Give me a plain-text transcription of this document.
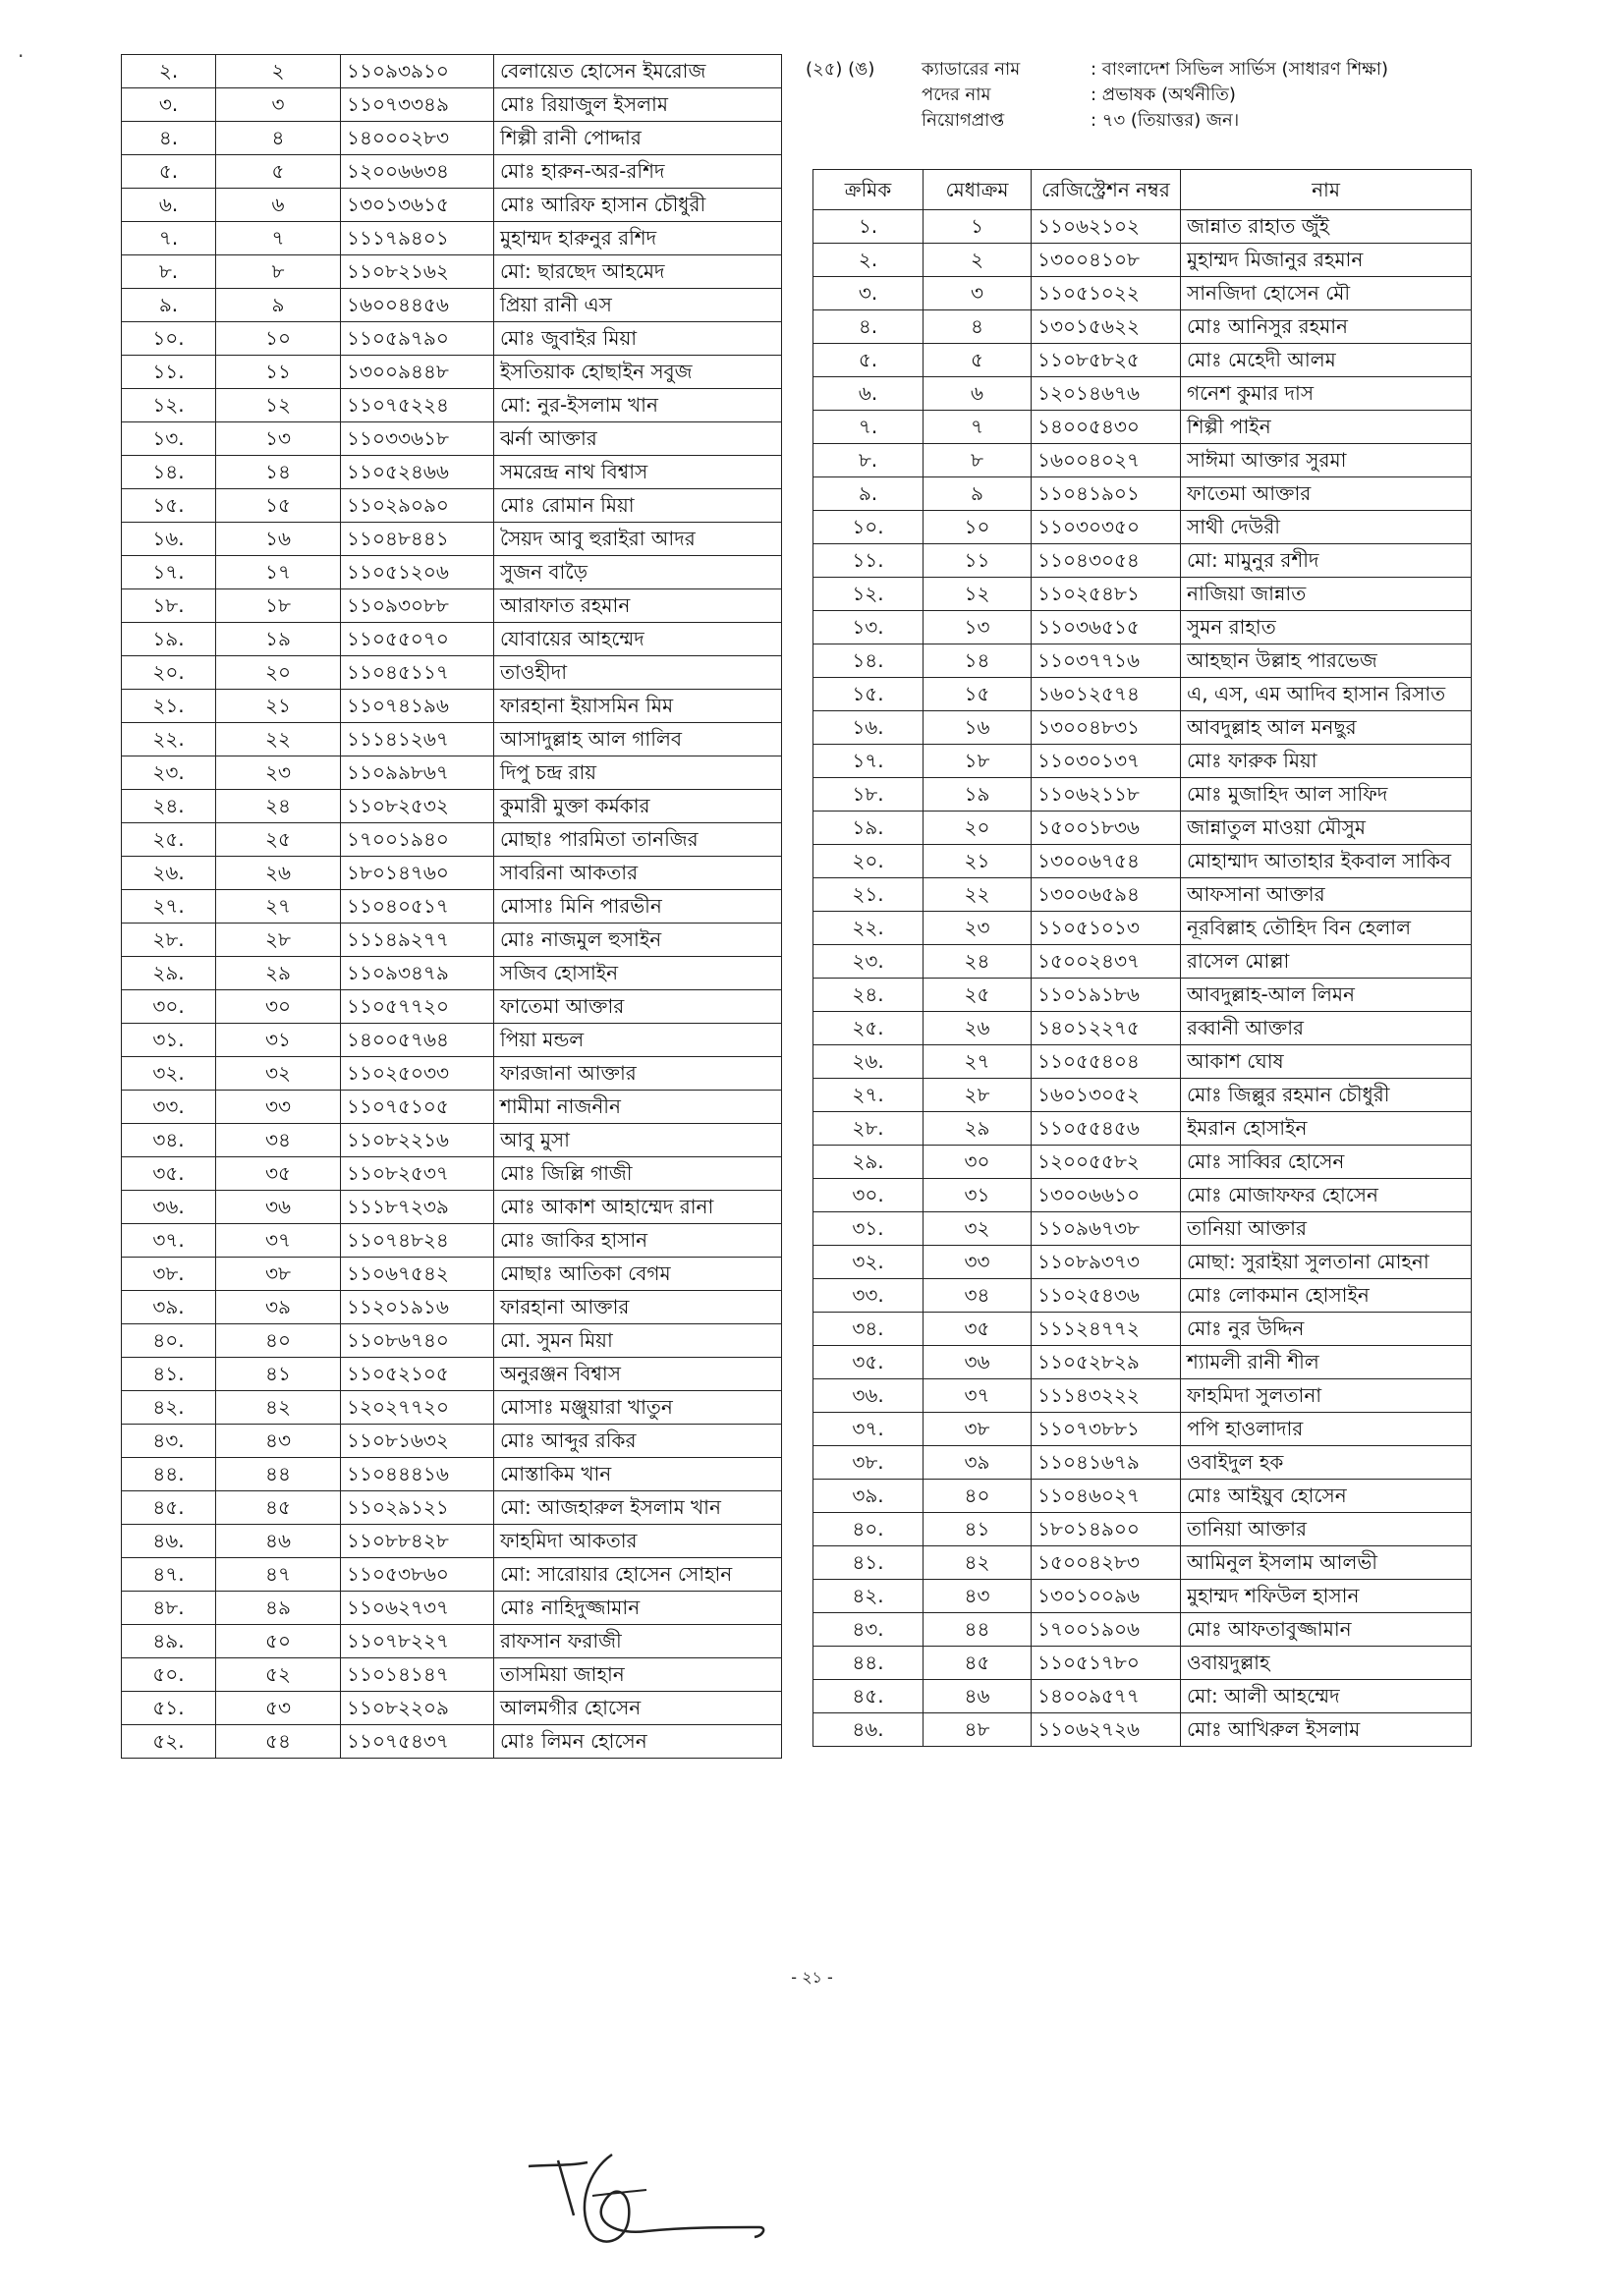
·
২.	২	১১০৯৩৯১০	বেলায়েত হোসেন ইমরোজ
৩.	৩	১১০৭৩৩৪৯	মোঃ রিয়াজুল ইসলাম
৪.	৪	১৪০০০২৮৩	শিল্পী রানী পোদ্দার
৫.	৫	১২০০৬৬৩৪	মোঃ হারুন-অর-রশিদ
৬.	৬	১৩০১৩৬১৫	মোঃ আরিফ হাসান চৌধুরী
৭.	৭	১১১৭৯৪০১	মুহাম্মদ হারুনুর রশিদ
৮.	৮	১১০৮২১৬২	মো: ছারছেদ আহমেদ
৯.	৯	১৬০০৪৪৫৬	প্রিয়া রানী এস
১০.	১০	১১০৫৯৭৯০	মোঃ জুবাইর মিয়া
১১.	১১	১৩০০৯৪৪৮	ইসতিয়াক হোছাইন সবুজ
১২.	১২	১১০৭৫২২৪	মো: নুর-ইসলাম খান
১৩.	১৩	১১০৩৩৬১৮	ঝর্না আক্তার
১৪.	১৪	১১০৫২৪৬৬	সমরেন্দ্র নাথ বিশ্বাস
১৫.	১৫	১১০২৯০৯০	মোঃ রোমান মিয়া
১৬.	১৬	১১০৪৮৪৪১	সৈয়দ আবু হুরাইরা আদর
১৭.	১৭	১১০৫১২০৬	সুজন বাড়ৈ
১৮.	১৮	১১০৯৩০৮৮	আরাফাত রহমান
১৯.	১৯	১১০৫৫০৭০	যোবায়ের আহম্মেদ
২০.	২০	১১০৪৫১১৭	তাওহীদা
২১.	২১	১১০৭৪১৯৬	ফারহানা ইয়াসমিন মিম
২২.	২২	১১১৪১২৬৭	আসাদুল্লাহ আল গালিব
২৩.	২৩	১১০৯৯৮৬৭	দিপু চন্দ্র রায়
২৪.	২৪	১১০৮২৫৩২	কুমারী মুক্তা কর্মকার
২৫.	২৫	১৭০০১৯৪০	মোছাঃ পারমিতা তানজির
২৬.	২৬	১৮০১৪৭৬০	সাবরিনা আকতার
২৭.	২৭	১১০৪০৫১৭	মোসাঃ মিনি পারভীন
২৮.	২৮	১১১৪৯২৭৭	মোঃ নাজমুল হুসাইন
২৯.	২৯	১১০৯৩৪৭৯	সজিব হোসাইন
৩০.	৩০	১১০৫৭৭২০	ফাতেমা আক্তার
৩১.	৩১	১৪০০৫৭৬৪	পিয়া মন্ডল
৩২.	৩২	১১০২৫০৩৩	ফারজানা আক্তার
৩৩.	৩৩	১১০৭৫১০৫	শামীমা নাজনীন
৩৪.	৩৪	১১০৮২২১৬	আবু মুসা
৩৫.	৩৫	১১০৮২৫৩৭	মোঃ জিল্লি গাজী
৩৬.	৩৬	১১১৮৭২৩৯	মোঃ আকাশ আহাম্মেদ রানা
৩৭.	৩৭	১১০৭৪৮২৪	মোঃ জাকির হাসান
৩৮.	৩৮	১১০৬৭৫৪২	মোছাঃ আতিকা বেগম
৩৯.	৩৯	১১২০১৯১৬	ফারহানা আক্তার
৪০.	৪০	১১০৮৬৭৪০	মো. সুমন মিয়া
৪১.	৪১	১১০৫২১০৫	অনুরঞ্জন বিশ্বাস
৪২.	৪২	১২০২৭৭২০	মোসাঃ মঞ্জুয়ারা খাতুন
৪৩.	৪৩	১১০৮১৬৩২	মোঃ আব্দুর রকির
৪৪.	৪৪	১১০৪৪৪১৬	মোস্তাকিম খান
৪৫.	৪৫	১১০২৯১২১	মো: আজহারুল ইসলাম খান
৪৬.	৪৬	১১০৮৮৪২৮	ফাহমিদা আকতার
৪৭.	৪৭	১১০৫৩৮৬০	মো: সারোয়ার হোসেন সোহান
৪৮.	৪৯	১১০৬২৭৩৭	মোঃ নাহিদুজ্জামান
৪৯.	৫০	১১০৭৮২২৭	রাফসান ফরাজী
৫০.	৫২	১১০১৪১৪৭	তাসমিয়া জাহান
৫১.	৫৩	১১০৮২২০৯	আলমগীর হোসেন
৫২.	৫৪	১১০৭৫৪৩৭	মোঃ লিমন হোসেন
(২৫) (ঙ)	ক্যাডারের নাম	: বাংলাদেশ সিভিল সার্ভিস (সাধারণ শিক্ষা)
পদের নাম	: প্রভাষক (অর্থনীতি)
নিয়োগপ্রাপ্ত	: ৭৩ (তিয়াত্তর) জন।
ক্রমিক	মেধাক্রম	রেজিস্ট্রেশন নম্বর	নাম
১.	১	১১০৬২১০২	জান্নাত রাহাত জুঁই
২.	২	১৩০০৪১০৮	মুহাম্মদ মিজানুর রহমান
৩.	৩	১১০৫১০২২	সানজিদা হোসেন মৌ
৪.	৪	১৩০১৫৬২২	মোঃ আনিসুর রহমান
৫.	৫	১১০৮৫৮২৫	মোঃ মেহেদী আলম
৬.	৬	১২০১৪৬৭৬	গনেশ কুমার দাস
৭.	৭	১৪০০৫৪৩০	শিল্পী পাইন
৮.	৮	১৬০০৪০২৭	সাঈমা আক্তার সুরমা
৯.	৯	১১০৪১৯০১	ফাতেমা আক্তার
১০.	১০	১১০৩০৩৫০	সাথী দেউরী
১১.	১১	১১০৪৩০৫৪	মো: মামুনুর রশীদ
১২.	১২	১১০২৫৪৮১	নাজিয়া জান্নাত
১৩.	১৩	১১০৩৬৫১৫	সুমন রাহাত
১৪.	১৪	১১০৩৭৭১৬	আহছান উল্লাহ পারভেজ
১৫.	১৫	১৬০১২৫৭৪	এ, এস, এম আদিব হাসান রিসাত
১৬.	১৬	১৩০০৪৮৩১	আবদুল্লাহ আল মনছুর
১৭.	১৮	১১০৩০১৩৭	মোঃ ফারুক মিয়া
১৮.	১৯	১১০৬২১১৮	মোঃ মুজাহিদ আল সাফিদ
১৯.	২০	১৫০০১৮৩৬	জান্নাতুল মাওয়া মৌসুম
২০.	২১	১৩০০৬৭৫৪	মোহাম্মাদ আতাহার ইকবাল সাকিব
২১.	২২	১৩০০৬৫৯৪	আফসানা আক্তার
২২.	২৩	১১০৫১০১৩	নূরবিল্লাহ তৌহিদ বিন হেলাল
২৩.	২৪	১৫০০২৪৩৭	রাসেল মোল্লা
২৪.	২৫	১১০১৯১৮৬	আবদুল্লাহ-আল লিমন
২৫.	২৬	১৪০১২২৭৫	রব্বানী আক্তার
২৬.	২৭	১১০৫৫৪০৪	আকাশ ঘোষ
২৭.	২৮	১৬০১৩০৫২	মোঃ জিল্লুর রহমান চৌধুরী
২৮.	২৯	১১০৫৫৪৫৬	ইমরান হোসাইন
২৯.	৩০	১২০০৫৫৮২	মোঃ সাব্বির হোসেন
৩০.	৩১	১৩০০৬৬১০	মোঃ মোজাফফর হোসেন
৩১.	৩২	১১০৯৬৭৩৮	তানিয়া আক্তার
৩২.	৩৩	১১০৮৯৩৭৩	মোছা: সুরাইয়া সুলতানা মোহনা
৩৩.	৩৪	১১০২৫৪৩৬	মোঃ লোকমান হোসাইন
৩৪.	৩৫	১১১২৪৭৭২	মোঃ নুর উদ্দিন
৩৫.	৩৬	১১০৫২৮২৯	শ্যামলী রানী শীল
৩৬.	৩৭	১১১৪৩২২২	ফাহমিদা সুলতানা
৩৭.	৩৮	১১০৭৩৮৮১	পপি হাওলাদার
৩৮.	৩৯	১১০৪১৬৭৯	ওবাইদুল হক
৩৯.	৪০	১১০৪৬০২৭	মোঃ আইয়ুব হোসেন
৪০.	৪১	১৮০১৪৯০০	তানিয়া আক্তার
৪১.	৪২	১৫০০৪২৮৩	আমিনুল ইসলাম আলভী
৪২.	৪৩	১৩০১০০৯৬	মুহাম্মদ শফিউল হাসান
৪৩.	৪৪	১৭০০১৯০৬	মোঃ আফতাবুজ্জামান
৪৪.	৪৫	১১০৫১৭৮০	ওবায়দুল্লাহ
৪৫.	৪৬	১৪০০৯৫৭৭	মো: আলী আহম্মেদ
৪৬.	৪৮	১১০৬২৭২৬	মোঃ আখিরুল ইসলাম
- ২১ -
